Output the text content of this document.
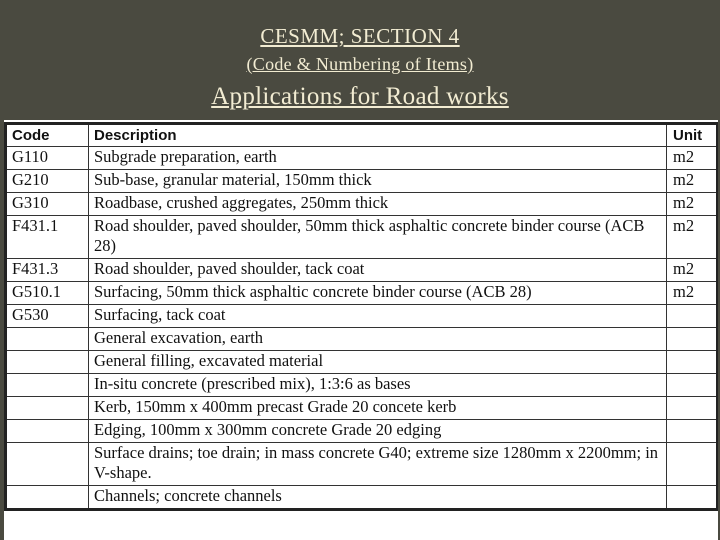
CESMM; SECTION 4
(Code & Numbering of Items)
Applications for Road works
Code	Description	Unit
G110	Subgrade preparation, earth	m2
G210	Sub-base, granular material, 150mm thick	m2
G310	Roadbase, crushed aggregates, 250mm thick	m2
F431.1	Road shoulder, paved shoulder, 50mm thick asphaltic concrete binder course (ACB 28)	m2
F431.3	Road shoulder, paved shoulder, tack coat	m2
G510.1	Surfacing, 50mm thick asphaltic concrete binder course (ACB 28)	m2
G530	Surfacing, tack coat	
	General excavation, earth	
	General filling, excavated material	
	In-situ concrete (prescribed mix), 1:3:6 as bases	
	Kerb, 150mm x 400mm precast Grade 20 concete kerb	
	Edging, 100mm x 300mm concrete Grade 20 edging	
	Surface drains; toe drain; in mass concrete G40; extreme size 1280mm x 2200mm; in V-shape.	
	Channels; concrete channels	
